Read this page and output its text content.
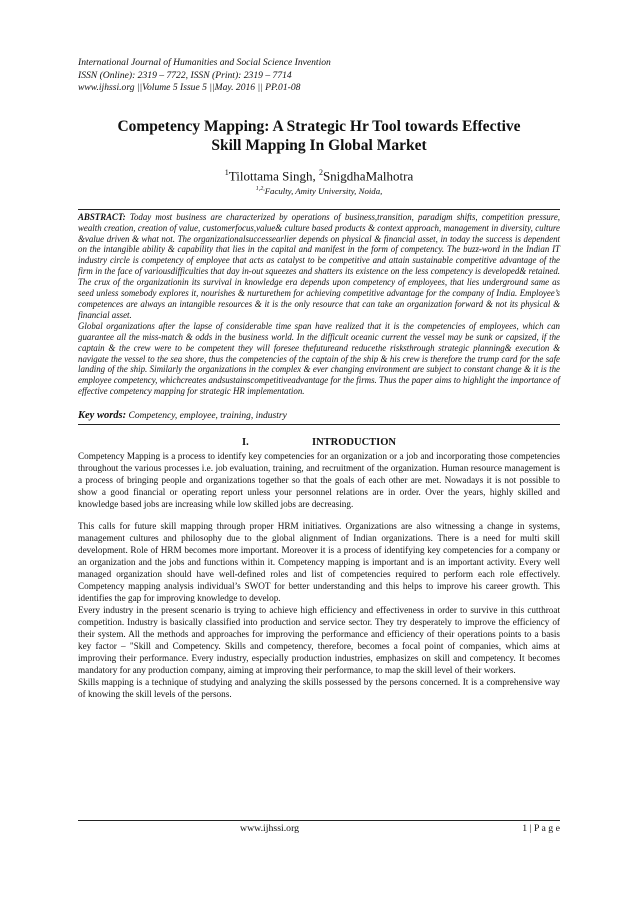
International Journal of Humanities and Social Science Invention

ISSN (Online): 2319 – 7722, ISSN (Print): 2319 – 7714

www.ijhssi.org ||Volume 5 Issue 5 ||May. 2016 || PP.01-08

Competency Mapping: A Strategic Hr Tool towards Effective
Skill Mapping In Global Market
$^1$Tilottama Singh, $^2$SnigdhaMalhotra
$^{1,2,}$Faculty, Amity University, Noida,

ABSTRACT: Today most business are characterized by operations of business,transition, paradigm shifts, competition pressure, wealth creation, creation of value, customerfocus,value& culture based products & context approach, management in diversity, culture &value driven & what not. The organizationalsuccessearlier depends on physical & financial asset, in today the success is dependent on the intangible ability & capability that lies in the capital and manifest in the form of competency. The buzz-word in the Indian IT industry circle is competency of employee that acts as catalyst to be competitive and attain sustainable competitive advantage of the firm in the face of variousdifficulties that day in-out squeezes and shatters its existence on the less competency is developed& retained. The crux of the organizationin its survival in knowledge era depends upon competency of employees, that lies underground same as seed unless somebody explores it, nourishes & nurturethem for achieving competitive advantage for the company of India. Employee’s competences are always an intangible resources & it is the only resource that can take an organization forward & not its physical & financial asset.

Global organizations after the lapse of considerable time span have realized that it is the competencies of employees, which can guarantee all the miss-match & odds in the business world. In the difficult oceanic current the vessel may be sunk or capsized, if the captain & the crew were to be competent they will foresee thefutureand reducethe risksthrough strategic planning& execution & navigate the vessel to the sea shore, thus the competencies of the captain of the ship & his crew is therefore the trump card for the safe landing of the ship. Similarly the organizations in the complex & ever changing environment are subject to constant change & it is the employee competency, whichcreates andsustainscompetitiveadvantage for the firms. Thus the paper aims to highlight the importance of effective competency mapping for strategic HR implementation.

Key words: Competency, employee, training, industry
I.	INTRODUCTION

Competency Mapping is a process to identify key competencies for an organization or a job and incorporating those competencies throughout the various processes i.e. job evaluation, training, and recruitment of the organization. Human resource management is a process of bringing people and organizations together so that the goals of each other are met. Nowadays it is not possible to show a good financial or operating report unless your personnel relations are in order. Over the years, highly skilled and knowledge based jobs are increasing while low skilled jobs are decreasing.

This calls for future skill mapping through proper HRM initiatives. Organizations are also witnessing a change in systems, management cultures and philosophy due to the global alignment of Indian organizations. There is a need for multi skill development. Role of HRM becomes more important. Moreover it is a process of identifying key competencies for a company or an organization and the jobs and functions within it. Competency mapping is important and is an important activity. Every well managed organization should have well-defined roles and list of competencies required to perform each role effectively. Competency mapping analysis individual’s SWOT for better understanding and this helps to improve his career growth. This identifies the gap for improving knowledge to develop.

Every industry in the present scenario is trying to achieve high efficiency and effectiveness in order to survive in this cutthroat competition. Industry is basically classified into production and service sector. They try desperately to improve the efficiency of their system. All the methods and approaches for improving the performance and efficiency of their operations points to a basis key factor – "Skill and Competency. Skills and competency, therefore, becomes a focal point of companies, which aims at improving their performance. Every industry, especially production industries, emphasizes on skill and competency. It becomes mandatory for any production company, aiming at improving their performance, to map the skill level of their workers.

Skills mapping is a technique of studying and analyzing the skills possessed by the persons concerned. It is a comprehensive way of knowing the skill levels of the persons.

www.ijhssi.org	1 | P a g e
